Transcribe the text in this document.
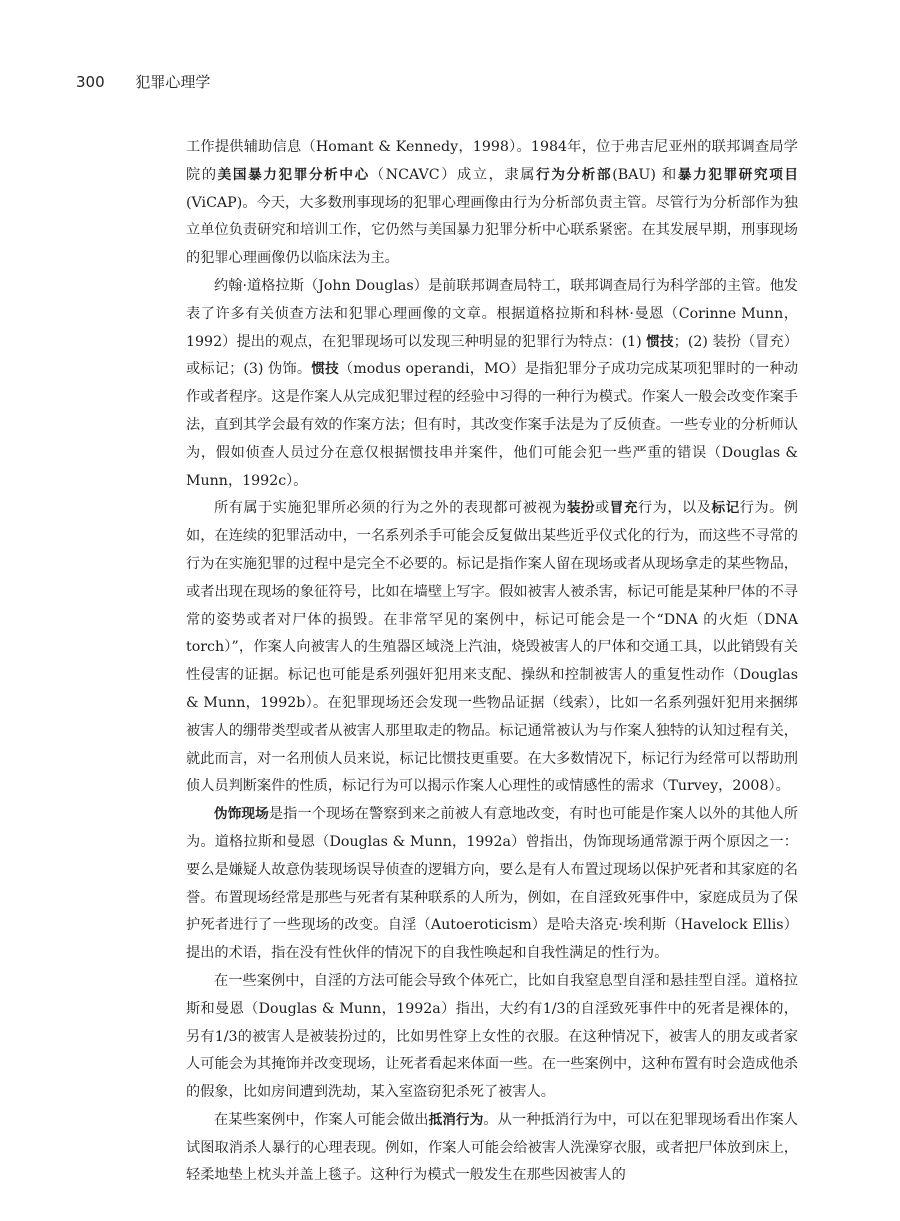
300 犯罪心理学

工作提供辅助信息（Homant & Kennedy，1998）。1984年，位于弗吉尼亚州的联邦调查局学院的美国暴力犯罪分析中心（NCAVC）成立，隶属行为分析部(BAU) 和暴力犯罪研究项目(ViCAP)。今天，大多数刑事现场的犯罪心理画像由行为分析部负责主管。尽管行为分析部作为独立单位负责研究和培训工作，它仍然与美国暴力犯罪分析中心联系紧密。在其发展早期，刑事现场的犯罪心理画像仍以临床法为主。

约翰·道格拉斯（John Douglas）是前联邦调查局特工，联邦调查局行为科学部的主管。他发表了许多有关侦查方法和犯罪心理画像的文章。根据道格拉斯和科林·曼恩（Corinne Munn，1992）提出的观点，在犯罪现场可以发现三种明显的犯罪行为特点：(1) 惯技；(2) 装扮（冒充）或标记；(3) 伪饰。惯技（modus operandi，MO）是指犯罪分子成功完成某项犯罪时的一种动作或者程序。这是作案人从完成犯罪过程的经验中习得的一种行为模式。作案人一般会改变作案手法，直到其学会最有效的作案方法；但有时，其改变作案手法是为了反侦查。一些专业的分析师认为，假如侦查人员过分在意仅根据惯技串并案件，他们可能会犯一些严重的错误（Douglas & Munn，1992c）。

所有属于实施犯罪所必须的行为之外的表现都可被视为装扮或冒充行为，以及标记行为。例如，在连续的犯罪活动中，一名系列杀手可能会反复做出某些近乎仪式化的行为，而这些不寻常的行为在实施犯罪的过程中是完全不必要的。标记是指作案人留在现场或者从现场拿走的某些物品，或者出现在现场的象征符号，比如在墙壁上写字。假如被害人被杀害，标记可能是某种尸体的不寻常的姿势或者对尸体的损毁。在非常罕见的案例中，标记可能会是一个“DNA 的火炬（DNA torch）”，作案人向被害人的生殖器区域浇上汽油，烧毁被害人的尸体和交通工具，以此销毁有关性侵害的证据。标记也可能是系列强奸犯用来支配、操纵和控制被害人的重复性动作（Douglas & Munn，1992b）。在犯罪现场还会发现一些物品证据（线索），比如一名系列强奸犯用来捆绑被害人的绷带类型或者从被害人那里取走的物品。标记通常被认为与作案人独特的认知过程有关，就此而言，对一名刑侦人员来说，标记比惯技更重要。在大多数情况下，标记行为经常可以帮助刑侦人员判断案件的性质，标记行为可以揭示作案人心理性的或情感性的需求（Turvey，2008）。

伪饰现场是指一个现场在警察到来之前被人有意地改变，有时也可能是作案人以外的其他人所为。道格拉斯和曼恩（Douglas & Munn，1992a）曾指出，伪饰现场通常源于两个原因之一：要么是嫌疑人故意伪装现场误导侦查的逻辑方向，要么是有人布置过现场以保护死者和其家庭的名誉。布置现场经常是那些与死者有某种联系的人所为，例如，在自淫致死事件中，家庭成员为了保护死者进行了一些现场的改变。自淫（Autoeroticism）是哈夫洛克·埃利斯（Havelock Ellis）提出的术语，指在没有性伙伴的情况下的自我性唤起和自我性满足的性行为。

在一些案例中，自淫的方法可能会导致个体死亡，比如自我窒息型自淫和悬挂型自淫。道格拉斯和曼恩（Douglas & Munn，1992a）指出，大约有1/3的自淫致死事件中的死者是裸体的，另有1/3的被害人是被装扮过的，比如男性穿上女性的衣服。在这种情况下，被害人的朋友或者家人可能会为其掩饰并改变现场，让死者看起来体面一些。在一些案例中，这种布置有时会造成他杀的假象，比如房间遭到洗劫，某入室盗窃犯杀死了被害人。

在某些案例中，作案人可能会做出抵消行为。从一种抵消行为中，可以在犯罪现场看出作案人试图取消杀人暴行的心理表现。例如，作案人可能会给被害人洗澡穿衣服，或者把尸体放到床上，轻柔地垫上枕头并盖上毯子。这种行为模式一般发生在那些因被害人的
